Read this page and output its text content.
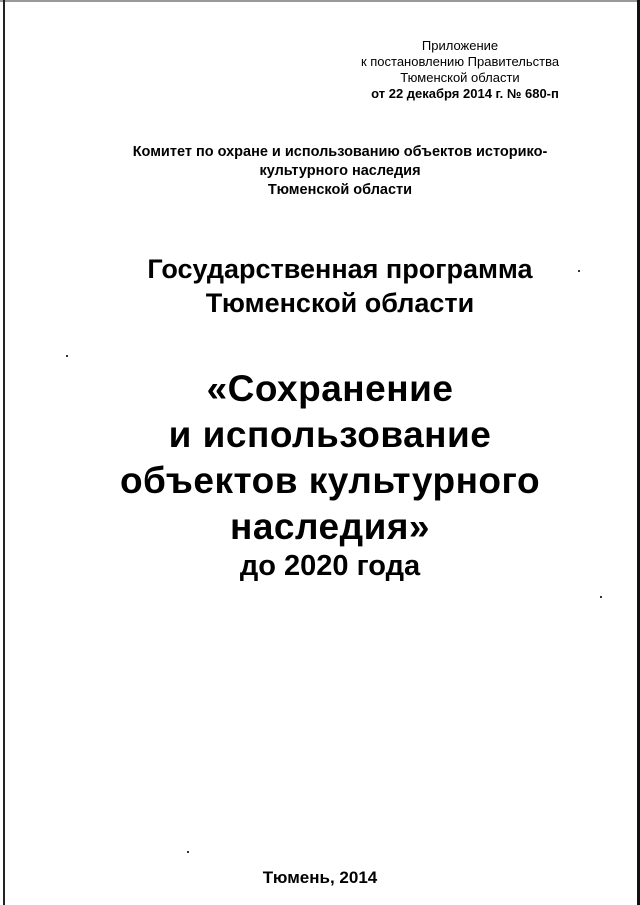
Приложение
к постановлению Правительства
Тюменской области
от 22 декабря 2014 г. № 680-п
Комитет по охране и использованию объектов историко-
культурного наследия
Тюменской области
Государственная программа
Тюменской области
«Сохранение
и использование
объектов культурного
наследия»
до 2020 года
Тюмень, 2014
